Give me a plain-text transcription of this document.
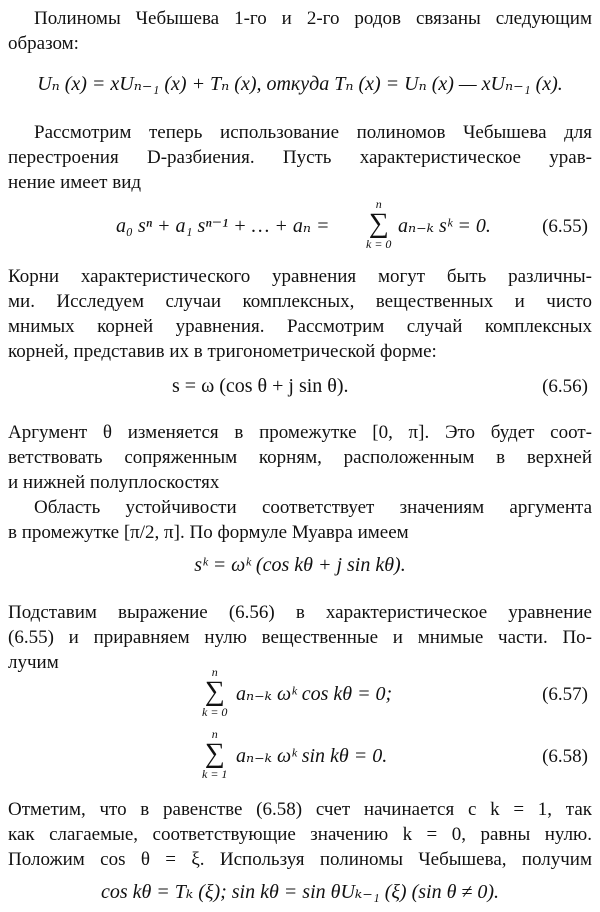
Полиномы Чебышева 1-го и 2-го родов связаны следующим
образом:
Uₙ (x) = xUₙ₋₁ (x) + Tₙ (x), откуда Tₙ (x) = Uₙ (x) — xUₙ₋₁ (x).
Рассмотрим теперь использование полиномов Чебышева для
перестроения D-разбиения. Пусть характеристическое урав-
нение имеет вид
a₀ sⁿ + a₁ sⁿ⁻¹ + … + aₙ =
n
∑
k = 0
aₙ₋ₖ sᵏ = 0.	(6.55)
Корни характеристического уравнения могут быть различны-
ми. Исследуем случаи комплексных, вещественных и чисто
мнимых корней уравнения. Рассмотрим случай комплексных
корней, представив их в тригонометрической форме:
s = ω (cos θ + j sin θ).	(6.56)
Аргумент θ изменяется в промежутке [0, π]. Это будет соот-
ветствовать сопряженным корням, расположенным в верхней
и нижней полуплоскостях
Область устойчивости соответствует значениям аргумента
в промежутке [π/2, π]. По формуле Муавра имеем
sᵏ = ωᵏ (cos kθ + j sin kθ).
Подставим выражение (6.56) в характеристическое уравнение
(6.55) и приравняем нулю вещественные и мнимые части. По-
лучим	n
∑
k = 0
aₙ₋ₖ ωᵏ cos kθ = 0;	(6.57)
n
∑
k = 1
aₙ₋ₖ ωᵏ sin kθ = 0.	(6.58)
Отметим, что в равенстве (6.58) счет начинается с k = 1, так
как слагаемые, соответствующие значению k = 0, равны нулю.
Положим cos θ = ξ. Используя полиномы Чебышева, получим
cos kθ = Tₖ (ξ); sin kθ = sin θUₖ₋₁ (ξ) (sin θ ≠ 0).
